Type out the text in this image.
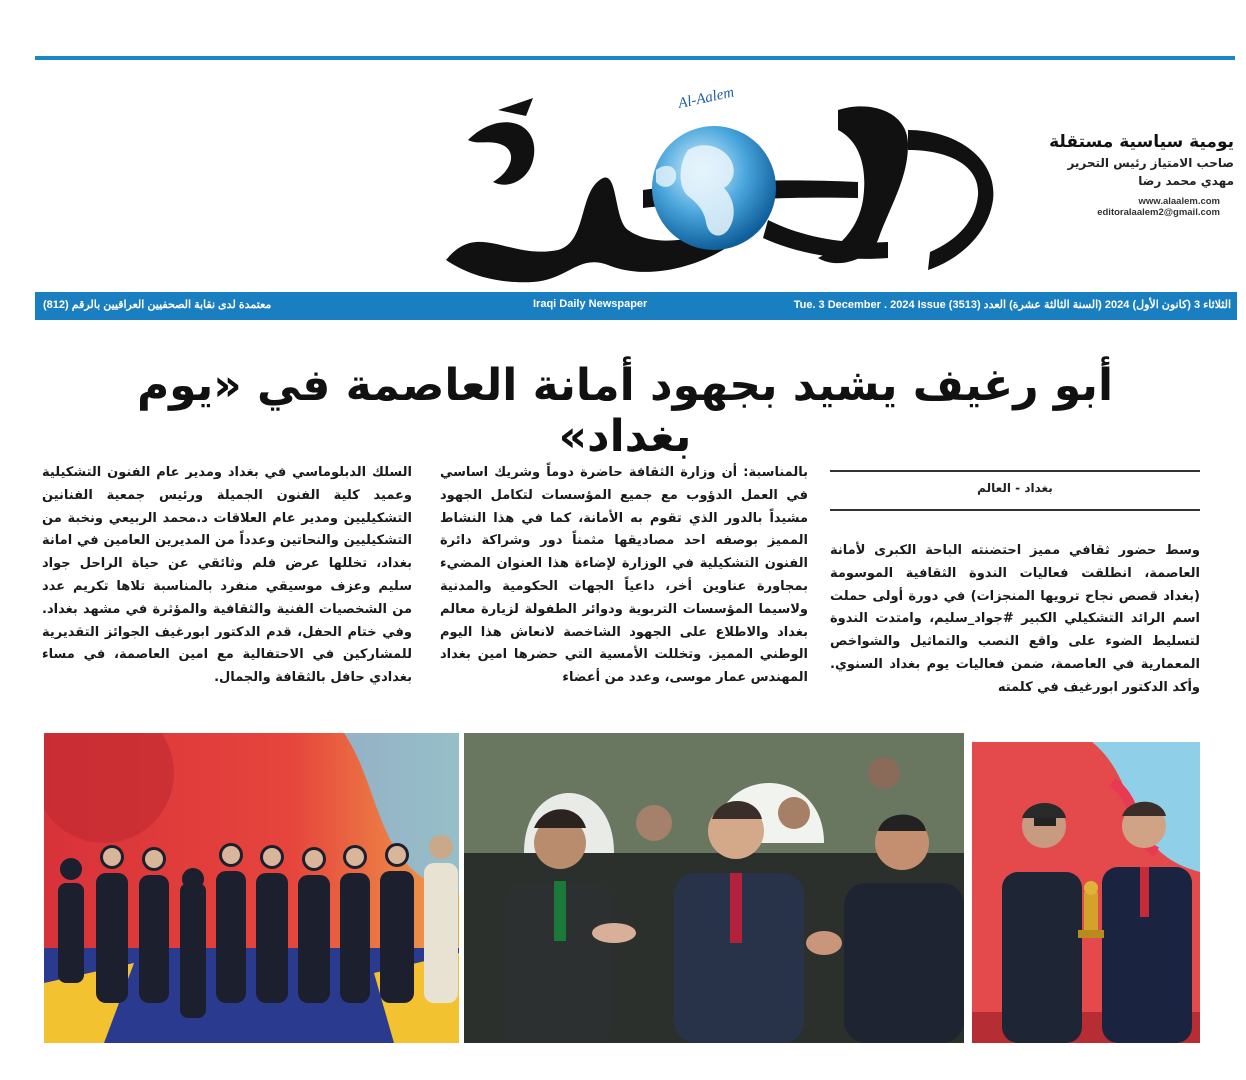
يومية سياسية مستقلة
صاحب الامتياز رئيس التحرير
مهدي محمد رضا
www.alaalem.com
editoralaalem2@gmail.com
Al-Aalem
معتمدة لدى نقابة الصحفيين العراقيين بالرقم (812)	Iraqi Daily Newspaper	الثلاثاء 3 (كانون الأول) 2024 (السنة الثالثة عشرة) العدد Tue. 3 December . 2024 Issue (3513)
أبو رغيف يشيد بجهود أمانة العاصمة في «يوم بغداد»
بغداد - العالم
وسط حضور ثقافي مميز احتضنته الباحة الكبرى لأمانة العاصمة، انطلقت فعاليات الندوة الثقافية الموسومة (بغداد قصص نجاح ترويها المنجزات) في دورة أولى حملت اسم الرائد التشكيلي الكبير #جواد_سليم، وامتدت الندوة لتسليط الضوء على واقع النصب والتماثيل والشواخص المعمارية في العاصمة، ضمن فعاليات يوم بغداد السنوي. وأكد الدكتور ابورغيف في كلمته
بالمناسبة: أن وزارة الثقافة حاضرة دوماً وشريك اساسي في العمل الدؤوب مع جميع المؤسسات لتكامل الجهود مشيداً بالدور الذي تقوم به الأمانة، كما في هذا النشاط المميز بوصفه احد مصاديقها مثمناً دور وشراكة دائرة الفنون التشكيلية في الوزارة لإضاءة هذا العنوان المضيء بمجاورة عناوين أخر، داعياً الجهات الحكومية والمدنية ولاسيما المؤسسات التربوية ودوائر الطفولة لزيارة معالم بغداد والاطلاع على الجهود الشاخصة لانعاش هذا اليوم الوطني المميز. وتخللت الأمسية التي حضرها امين بغداد المهندس عمار موسى، وعدد من أعضاء
السلك الدبلوماسي في بغداد ومدير عام الفنون التشكيلية وعميد كلية الفنون الجميلة ورئيس جمعية الفنانين التشكيليين ومدير عام العلاقات د.محمد الربيعي ونخبة من التشكيليين والنحاتين وعدداً من المديرين العامين في امانة بغداد، تخللها عرض فلم وثائقي عن حياة الراحل جواد سليم وعزف موسيقي منفرد بالمناسبة تلاها تكريم عدد من الشخصيات الفنية والثقافية والمؤثرة في مشهد بغداد. وفي ختام الحفل، قدم الدكتور ابورغيف الجوائز التقديرية للمشاركين في الاحتفالية مع امين العاصمة، في مساء بغدادي حافل بالثقافة والجمال.
